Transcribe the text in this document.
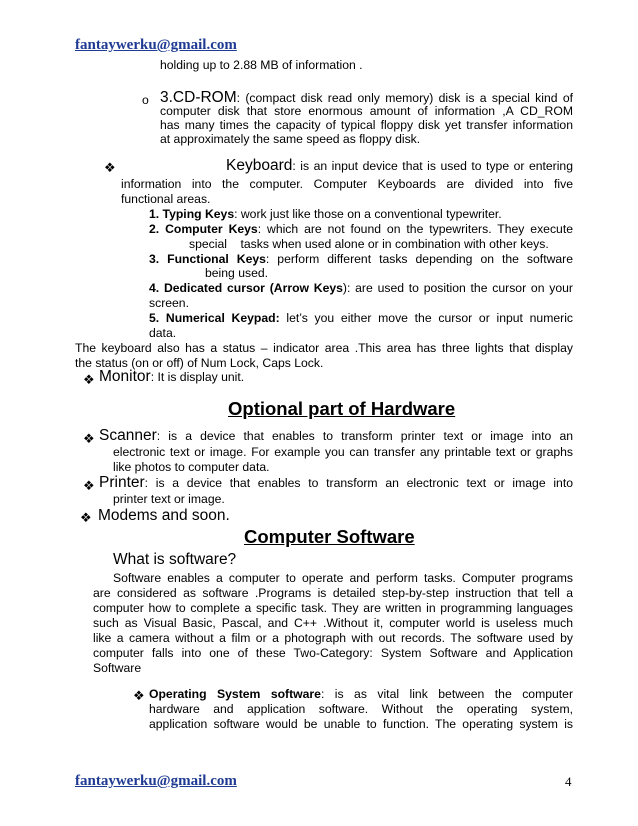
fantaywerku@gmail.com
holding up to 2.88 MB of information .
o 3.CD-ROM: (compact disk read only memory) disk is a special kind of
computer disk that store enormous amount of information ,A CD_ROM
has many times the capacity of typical floppy disk yet transfer information
at approximately the same speed as floppy disk.
❖	Keyboard: is an input device that is used to type or entering
information into the computer. Computer Keyboards are divided into five
functional areas.
1. Typing Keys: work just like those on a conventional typewriter.
2. Computer Keys: which are not found on the typewriters. They execute
special    tasks when used alone or in combination with other keys.
3. Functional Keys: perform different tasks depending on the software
being used.
4. Dedicated cursor (Arrow Keys): are used to position the cursor on your
screen.
5. Numerical Keypad: let’s you either move the cursor or input numeric
data.
The keyboard also has a status – indicator area .This area has three lights that display
the status (on or off) of Num Lock, Caps Lock.
❖ Monitor: It is display unit.
Optional part of Hardware
❖ Scanner: is a device that enables to transform printer text or image into an
electronic text or image. For example you can transfer any printable text or graphs
like photos to computer data.
❖ Printer: is a device that enables to transform an electronic text or image into
printer text or image.
❖ Modems and soon.
Computer Software
What is software?
Software enables a computer to operate and perform tasks. Computer programs
are considered as software .Programs is detailed step-by-step instruction that tell a
computer how to complete a specific task. They are written in programming languages
such as Visual Basic, Pascal, and C++ .Without it, computer world is useless much
like a camera without a film or a photograph with out records. The software used by
computer falls into one of these Two-Category: System Software and Application
Software
❖ Operating System software: is as vital link between the computer
hardware and application software. Without the operating system,
application software would be unable to function. The operating system is
fantaywerku@gmail.com	4
